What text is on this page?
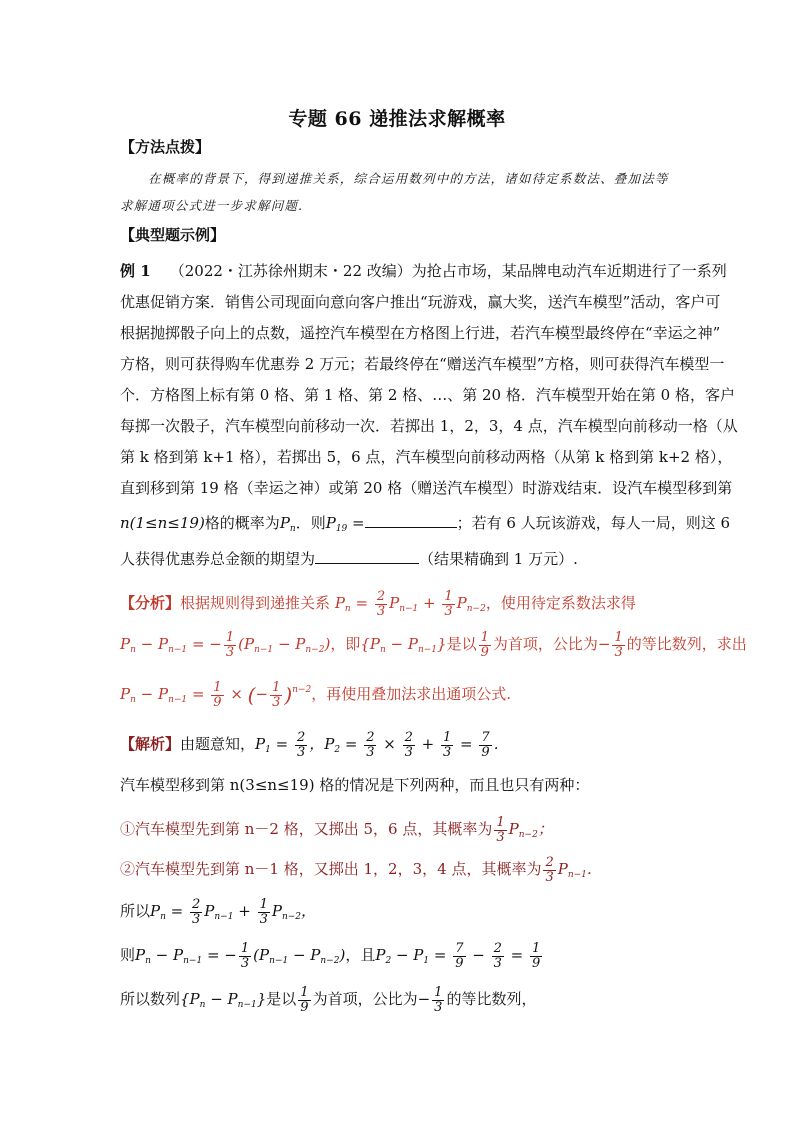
专题 66 递推法求解概率
【方法点拨】
在概率的背景下，得到递推关系，综合运用数列中的方法，诸如待定系数法、叠加法等
求解通项公式进一步求解问题.
【典型题示例】
例 1 （2022・江苏徐州期末・22 改编）为抢占市场，某品牌电动汽车近期进行了一系列
优惠促销方案．销售公司现面向意向客户推出“玩游戏，赢大奖，送汽车模型”活动，客户可
根据抛掷骰子向上的点数，遥控汽车模型在方格图上行进，若汽车模型最终停在“幸运之神”
方格，则可获得购车优惠券 2 万元；若最终停在“赠送汽车模型”方格，则可获得汽车模型一
个．方格图上标有第 0 格、第 1 格、第 2 格、…、第 20 格．汽车模型开始在第 0 格，客户
每掷一次骰子，汽车模型向前移动一次．若掷出 1，2，3，4 点，汽车模型向前移动一格（从
第 k 格到第 k+1 格），若掷出 5，6 点，汽车模型向前移动两格（从第 k 格到第 k+2 格），
直到移到第 19 格（幸运之神）或第 20 格（赠送汽车模型）时游戏结束．设汽车模型移到第
n(1≤n≤19)格的概率为$P_n$．则$P_{19}$ =	；若有 6 人玩该游戏，每人一局，则这 6
人获得优惠券总金额的期望为	（结果精确到 1 万元）.
【分析】根据规则得到递推关系 $P_n = \frac{2}{3} P_{n-1} + \frac{1}{3} P_{n-2}$，使用待定系数法求得
$P_n - P_{n-1}$ = − $\frac{1}{3} (P_{n-1} - P_{n-2})$，即$\{P_n - P_{n-1}\}$是以 $\frac{1}{9}$ 为首项，公比为− $\frac{1}{3}$ 的等比数列，求出
$P_n - P_{n-1} = \frac{1}{9}$ × (− $\frac{1}{3} )^{n-2}$，再使用叠加法求出通项公式.
【解析】由题意知，$P_1 = \frac{2}{3}$ ，$P_2 = \frac{2}{3} \times \frac{2}{3} + \frac{1}{3} = \frac{7}{9}$ ．
汽车模型移到第 n(3≤n≤19) 格的情况是下列两种，而且也只有两种：
①汽车模型先到第 n－2 格，又掷出 5，6 点，其概率为 $\frac{1}{3} P_{n-2}$；
②汽车模型先到第 n－1 格，又掷出 1，2，3，4 点，其概率为 $\frac{2}{3} P_{n-1}$．
所以$P_n = \frac{2}{3} P_{n-1} + \frac{1}{3} P_{n-2}$，
则$P_n - P_{n-1}$ = − $\frac{1}{3} (P_{n-1} - P_{n-2})$，且$P_2 - P_1 = \frac{7}{9} - \frac{2}{3} = \frac{1}{9}$
所以数列$\{P_n - P_{n-1}\}$是以 $\frac{1}{9}$ 为首项，公比为− $\frac{1}{3}$ 的等比数列，
